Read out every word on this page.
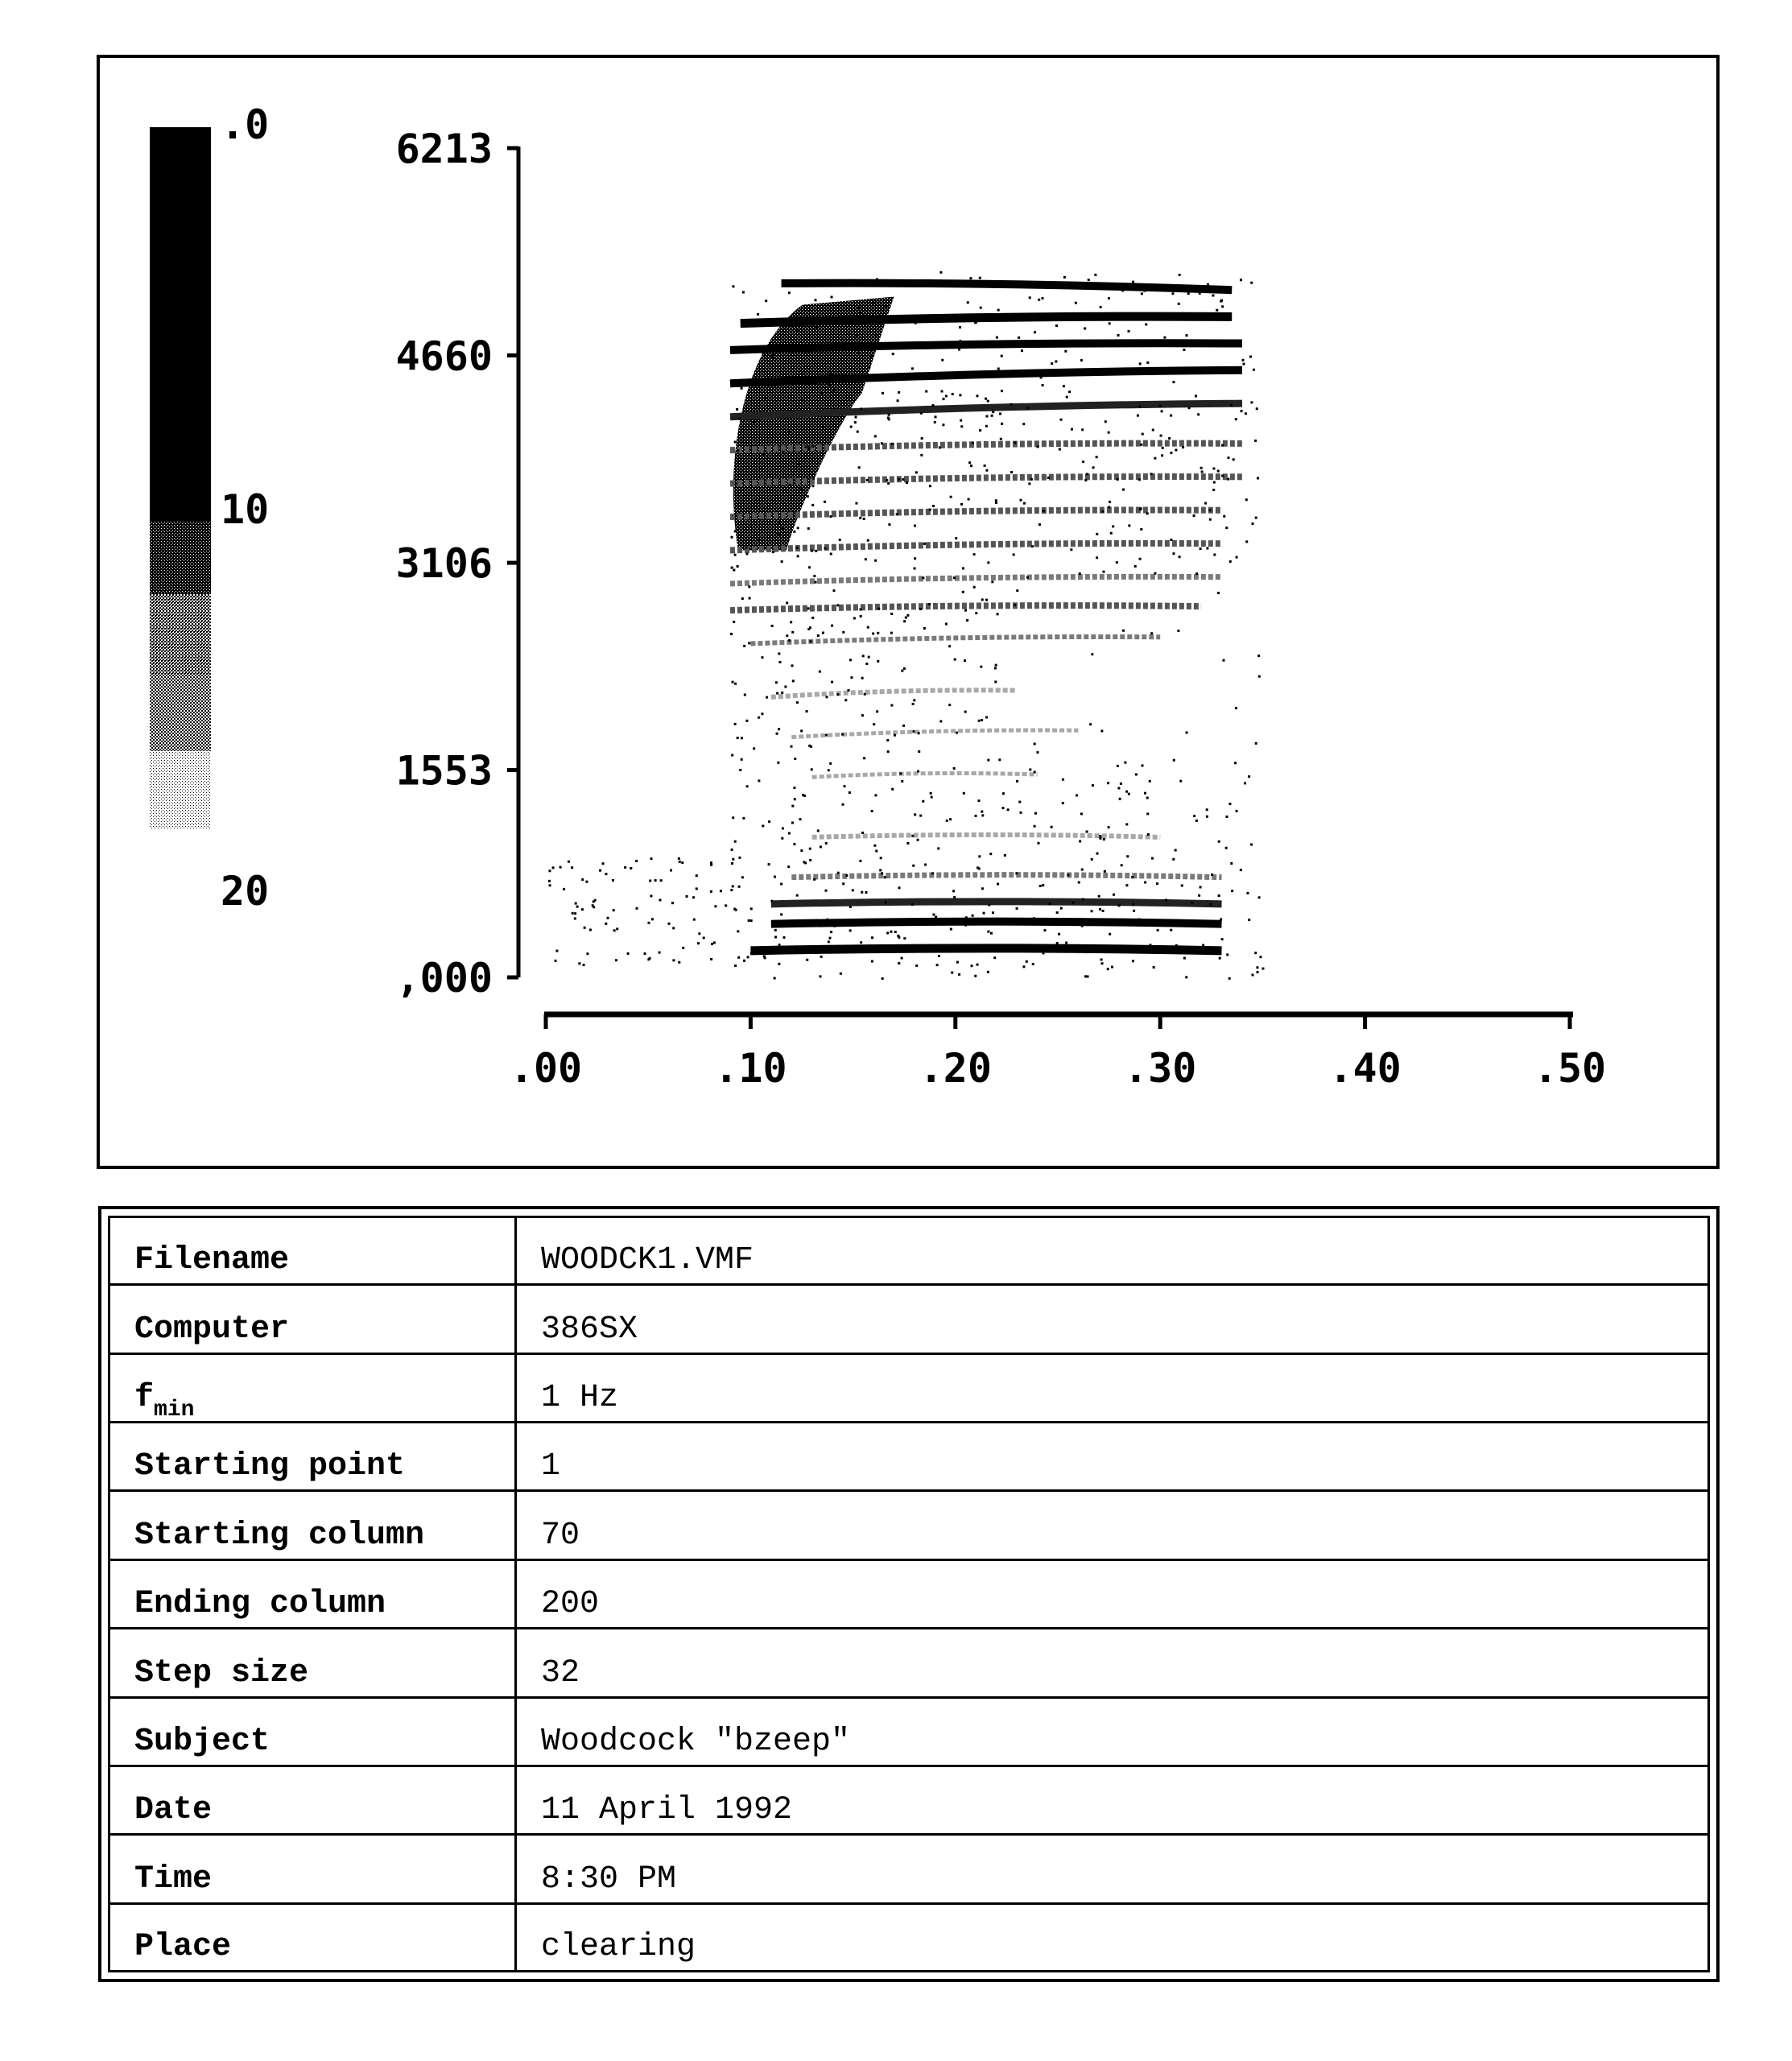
.0
10
20
,000
1553
3106
4660
6213
.00	.10	.20	.30	.40	.50
Filename	WOODCK1.VMF
Computer	386SX
$f_{min}$	1 Hz
Starting point	1
Starting column	70
Ending column	200
Step size	32
Subject	Woodcock "bzeep"
Date	11 April 1992
Time	8:30 PM
Place	clearing
